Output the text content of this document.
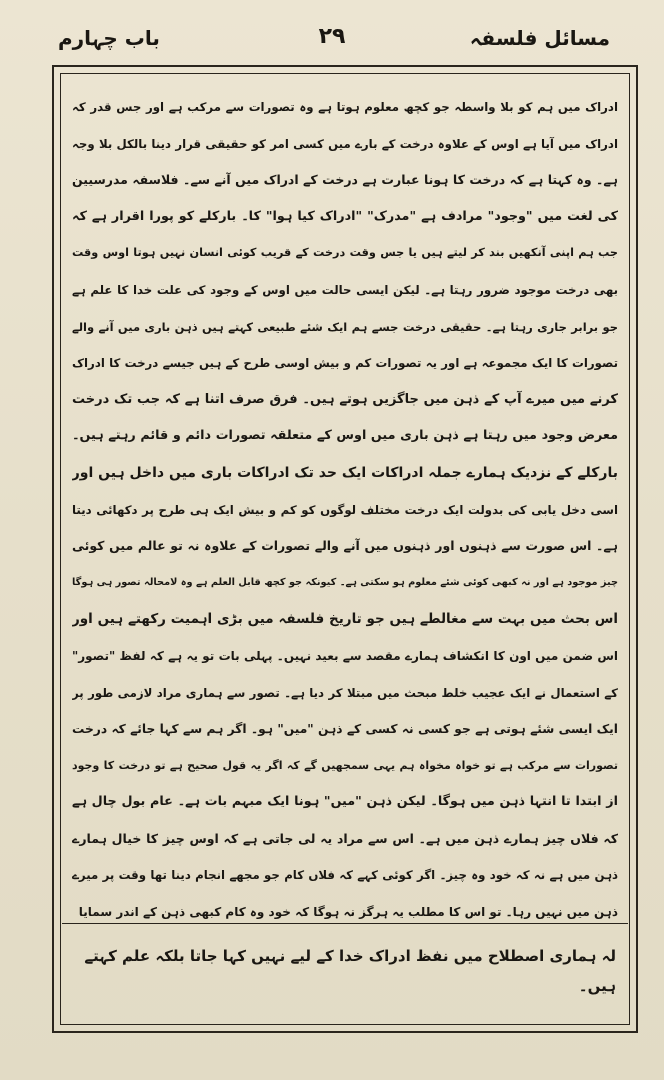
باب چہارم	۲۹	مسائل فلسفہ
ادراک میں ہم کو بلا واسطہ جو کچھ معلوم ہوتا ہے وہ تصورات سے مرکب ہے اور جس قدر کہ
ادراک میں آیا ہے اوس کے علاوہ درخت کے بارے میں کسی امر کو حقیقی قرار دینا بالکل بلا وجہ
ہے۔ وہ کہتا ہے کہ درخت کا ہونا عبارت ہے درخت کے ادراک میں آنے سے۔ فلاسفہ مدرسیین
کی لغت میں "وجود" مرادف ہے "مدرک" "ادراک کیا ہوا" کا۔ بارکلے کو پورا اقرار ہے کہ
جب ہم اپنی آنکھیں بند کر لیتے ہیں یا جس وقت درخت کے قریب کوئی انسان نہیں ہوتا اوس وقت
بھی درخت موجود ضرور رہتا ہے۔ لیکن ایسی حالت میں اوس کے وجود کی علت خدا کا علم ہے
جو برابر جاری رہتا ہے۔ حقیقی درخت جسے ہم ایک شئے طبیعی کہتے ہیں ذہن باری میں آنے والے
تصورات کا ایک مجموعہ ہے اور یہ تصورات کم و بیش اوسی طرح کے ہیں جیسے درخت کا ادراک
کرنے میں میرے آپ کے ذہن میں جاگزیں ہوتے ہیں۔ فرق صرف اتنا ہے کہ جب تک درخت
معرض وجود میں رہتا ہے ذہن باری میں اوس کے متعلقہ تصورات دائم و قائم رہتے ہیں۔
بارکلے کے نزدیک ہمارے جملہ ادراکات ایک حد تک ادراکات باری میں داخل ہیں اور
اسی دخل یابی کی بدولت ایک درخت مختلف لوگوں کو کم و بیش ایک ہی طرح پر دکھائی دیتا
ہے۔ اس صورت سے ذہنوں اور ذہنوں میں آنے والے تصورات کے علاوہ نہ تو عالم میں کوئی
چیز موجود ہے اور نہ کبھی کوئی شئے معلوم ہو سکتی ہے۔ کیونکہ جو کچھ قابل العلم ہے وہ لامحالہ تصور ہی ہوگا
اس بحث میں بہت سے مغالطے ہیں جو تاریخ فلسفہ میں بڑی اہمیت رکھتے ہیں اور
اس ضمن میں اون کا انکشاف ہمارے مقصد سے بعید نہیں۔ پہلی بات تو یہ ہے کہ لفظ "تصور"
کے استعمال نے ایک عجیب خلط مبحث میں مبتلا کر دیا ہے۔ تصور سے ہماری مراد لازمی طور پر
ایک ایسی شئے ہوتی ہے جو کسی نہ کسی کے ذہن "میں" ہو۔ اگر ہم سے کہا جائے کہ درخت
تصورات سے مرکب ہے تو خواہ مخواہ ہم یہی سمجھیں گے کہ اگر یہ قول صحیح ہے تو درخت کا وجود
از ابتدا تا انتہا ذہن میں ہوگا۔ لیکن ذہن "میں" ہونا ایک مبہم بات ہے۔ عام بول چال ہے
کہ فلاں چیز ہمارے ذہن میں ہے۔ اس سے مراد یہ لی جاتی ہے کہ اوس چیز کا خیال ہمارے
ذہن میں ہے نہ کہ خود وہ چیز۔ اگر کوئی کہے کہ فلاں کام جو مجھے انجام دینا تھا وقت پر میرے
ذہن میں نہیں رہا۔ تو اس کا مطلب یہ ہرگز نہ ہوگا کہ خود وہ کام کبھی ذہن کے اندر سمایا
لہ ہماری اصطلاح میں نفظ ادراک خدا کے لیے نہیں کہا جاتا بلکہ علم کہتے ہیں۔
